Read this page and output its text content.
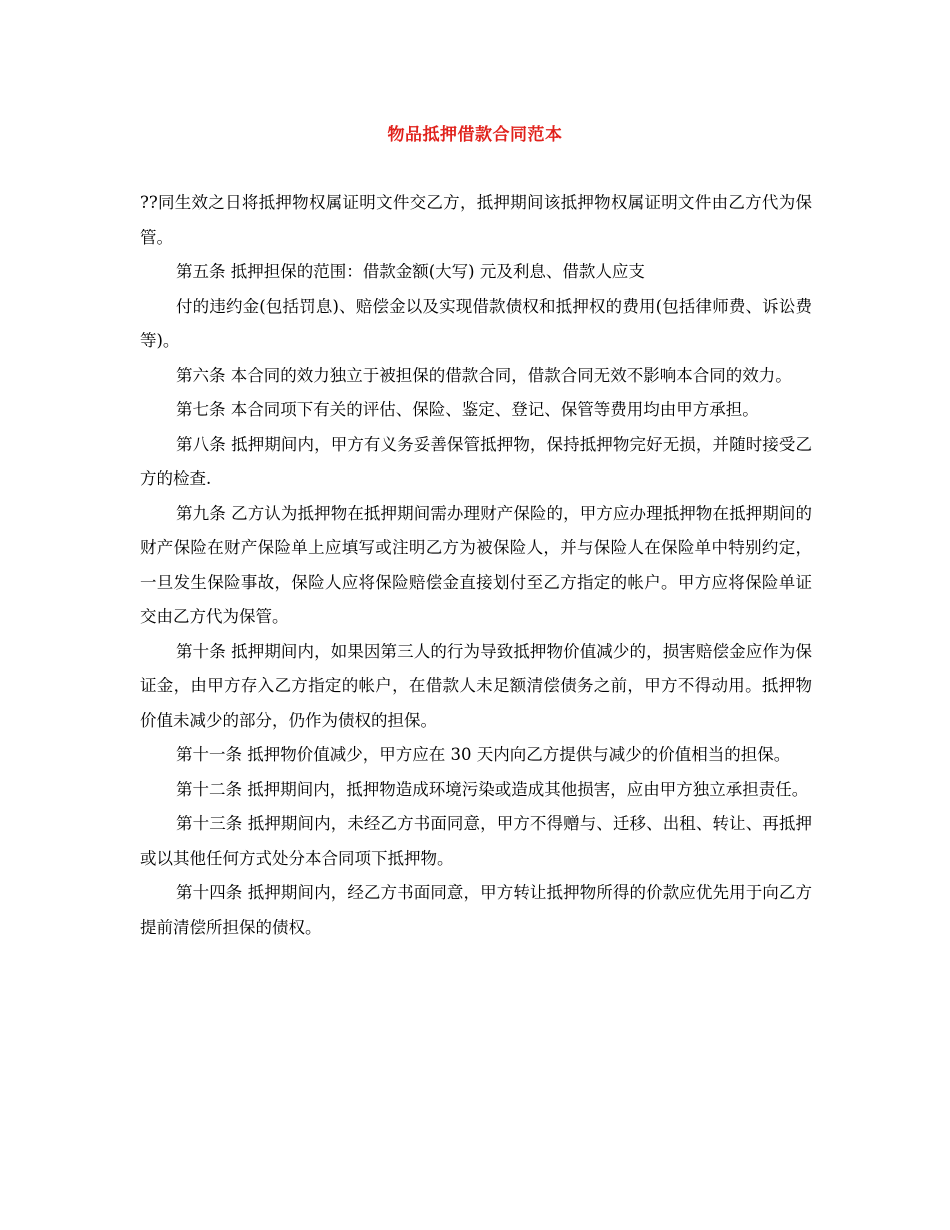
物品抵押借款合同范本

??同生效之日将抵押物权属证明文件交乙方，抵押期间该抵押物权属证明文件由乙方代为保管。

第五条 抵押担保的范围：借款金额(大写) 元及利息、借款人应支

付的违约金(包括罚息)、赔偿金以及实现借款债权和抵押权的费用(包括律师费、诉讼费等)。

第六条 本合同的效力独立于被担保的借款合同，借款合同无效不影响本合同的效力。

第七条 本合同项下有关的评估、保险、鉴定、登记、保管等费用均由甲方承担。

第八条 抵押期间内，甲方有义务妥善保管抵押物，保持抵押物完好无损，并随时接受乙方的检查.

第九条 乙方认为抵押物在抵押期间需办理财产保险的，甲方应办理抵押物在抵押期间的财产保险在财产保险单上应填写或注明乙方为被保险人，并与保险人在保险单中特别约定，一旦发生保险事故，保险人应将保险赔偿金直接划付至乙方指定的帐户。甲方应将保险单证交由乙方代为保管。

第十条 抵押期间内，如果因第三人的行为导致抵押物价值减少的，损害赔偿金应作为保证金，由甲方存入乙方指定的帐户，在借款人未足额清偿债务之前，甲方不得动用。抵押物价值未减少的部分，仍作为债权的担保。

第十一条 抵押物价值减少，甲方应在 30 天内向乙方提供与减少的价值相当的担保。

第十二条 抵押期间内，抵押物造成环境污染或造成其他损害，应由甲方独立承担责任。

第十三条 抵押期间内，未经乙方书面同意，甲方不得赠与、迁移、出租、转让、再抵押或以其他任何方式处分本合同项下抵押物。

第十四条 抵押期间内，经乙方书面同意，甲方转让抵押物所得的价款应优先用于向乙方提前清偿所担保的债权。
